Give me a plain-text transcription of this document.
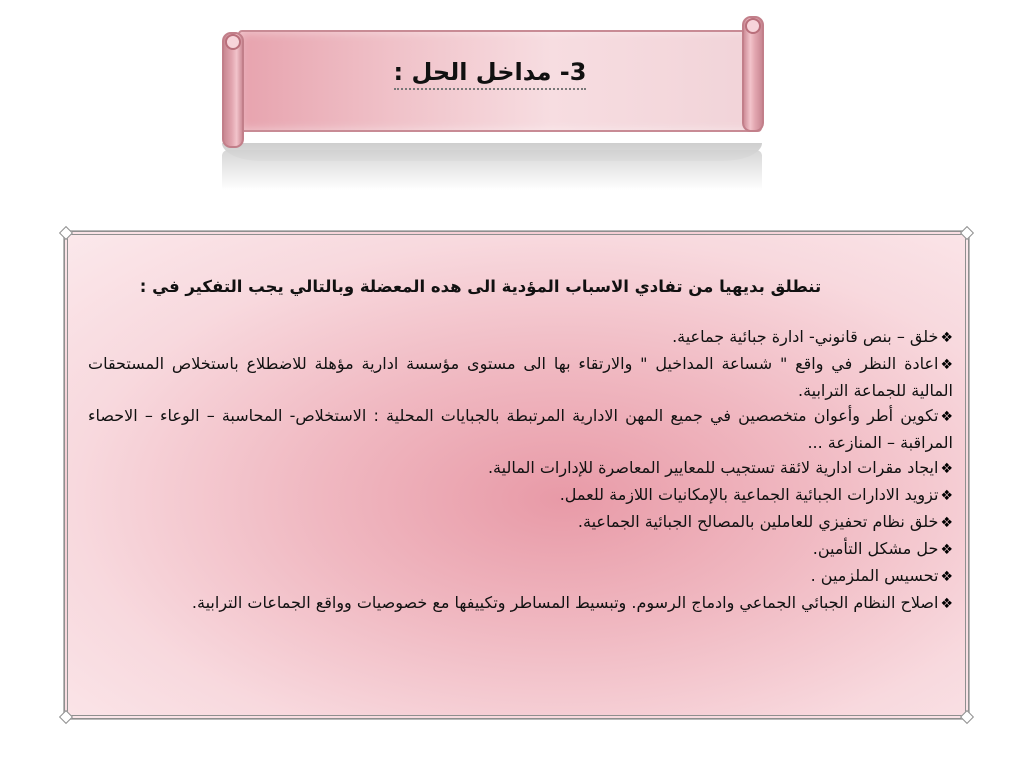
3- مداخل الحل :

تنطلق بديهيا من تفادي الاسباب المؤدية الى هده المعضلة وبالتالي يجب التفكير في :

❖خلق – بنص قانوني- ادارة جبائية جماعية.
❖اعادة النظر في واقع " شساعة المداخيل " والارتقاء بها الى مستوى مؤسسة ادارية مؤهلة للاضطلاع باستخلاص المستحقات المالية للجماعة الترابية.
❖تكوين أطر وأعوان متخصصين في جميع المهن الادارية المرتبطة بالجبايات المحلية : الاستخلاص- المحاسبة – الوعاء – الاحصاء المراقبة – المنازعة ...
❖ايجاد مقرات ادارية لائقة تستجيب للمعايير المعاصرة للإدارات المالية.
❖تزويد الادارات الجبائية الجماعية بالإمكانيات اللازمة للعمل.
❖خلق نظام تحفيزي للعاملين بالمصالح الجبائية الجماعية.
❖حل مشكل التأمين.
❖تحسيس الملزمين .
❖اصلاح النظام الجبائي الجماعي وادماج الرسوم. وتبسيط المساطر وتكييفها مع خصوصيات وواقع الجماعات الترابية.
